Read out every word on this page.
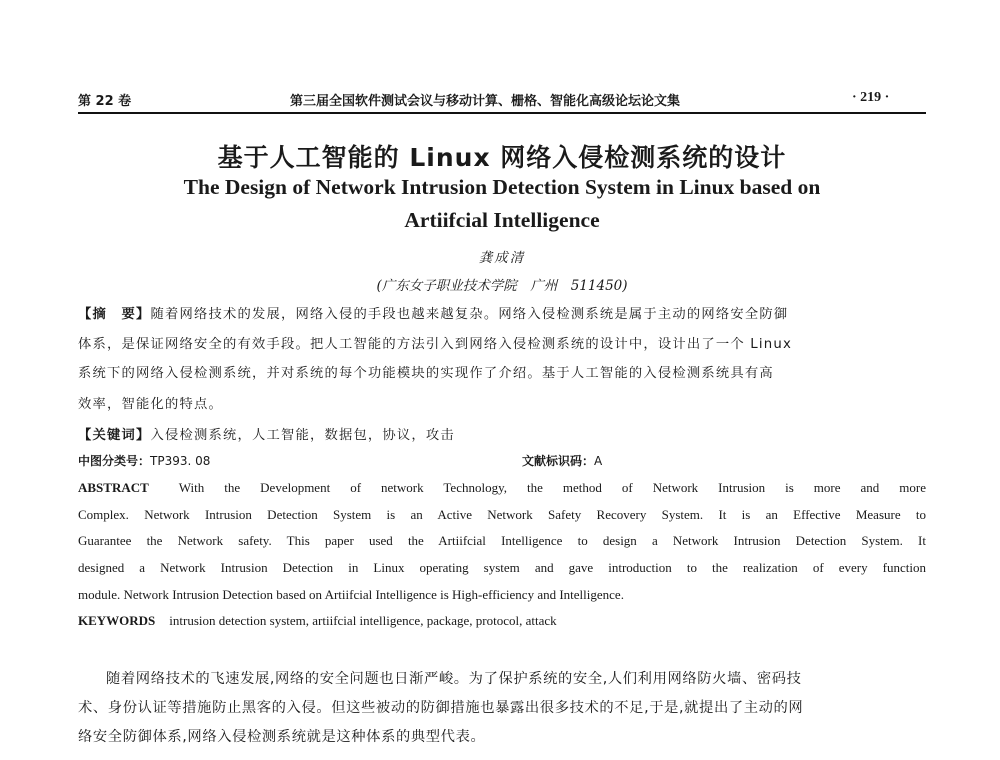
第 22 卷	第三届全国软件测试会议与移动计算、栅格、智能化高级论坛论文集	· 219 ·
基于人工智能的 Linux 网络入侵检测系统的设计
The Design of Network Intrusion Detection System in Linux based on
Artiifcial Intelligence
龚成清
(广东女子职业技术学院　广州　511450)
【摘　要】随着网络技术的发展，网络入侵的手段也越来越复杂。网络入侵检测系统是属于主动的网络安全防御
体系，是保证网络安全的有效手段。把人工智能的方法引入到网络入侵检测系统的设计中，设计出了一个 Linux
系统下的网络入侵检测系统，并对系统的每个功能模块的实现作了介绍。基于人工智能的入侵检测系统具有高
效率，智能化的特点。
【关键词】入侵检测系统，人工智能，数据包，协议，攻击
中图分类号：TP393. 08	文献标识码：A
ABSTRACT With the Development of network Technology, the method of Network Intrusion is more and more
Complex. Network Intrusion Detection System is an Active Network Safety Recovery System. It is an Effective Measure to
Guarantee the Network safety. This paper used the Artiifcial Intelligence to design a Network Intrusion Detection System. It
designed a Network Intrusion Detection in Linux operating system and gave introduction to the realization of every function
module. Network Intrusion Detection based on Artiifcial Intelligence is High-efficiency and Intelligence.
KEYWORDS intrusion detection system, artiifcial intelligence, package, protocol, attack
随着网络技术的飞速发展,网络的安全问题也日渐严峻。为了保护系统的安全,人们利用网络防火墙、密码技
术、身份认证等措施防止黑客的入侵。但这些被动的防御措施也暴露出很多技术的不足,于是,就提出了主动的网
络安全防御体系,网络入侵检测系统就是这种体系的典型代表。
